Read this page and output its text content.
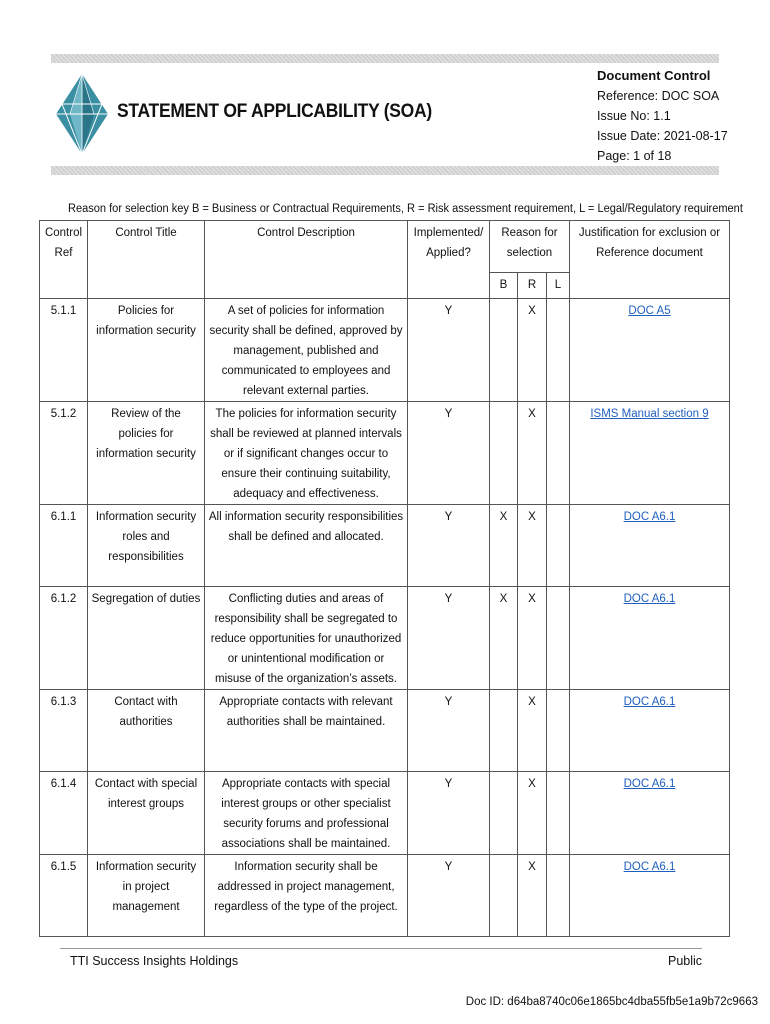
STATEMENT OF APPLICABILITY (SOA)
Document Control
Reference: DOC SOA
Issue No: 1.1
Issue Date: 2021-08-17
Page: 1 of 18
Reason for selection key B = Business or Contractual Requirements, R = Risk assessment requirement, L = Legal/Regulatory requirement
Control Ref	Control Title	Control Description	Implemented/ Applied?	Reason for selection			Justification for exclusion or Reference document
				B	R	L	
5.1.1	Policies for information security	A set of policies for information security shall be defined, approved by management, published and communicated to employees and relevant external parties.	Y		X		DOC A5
5.1.2	Review of the policies for information security	The policies for information security shall be reviewed at planned intervals or if significant changes occur to ensure their continuing suitability, adequacy and effectiveness.	Y		X		ISMS Manual section 9
6.1.1	Information security roles and responsibilities	All information security responsibilities shall be defined and allocated.	Y	X	X		DOC A6.1
6.1.2	Segregation of duties	Conflicting duties and areas of responsibility shall be segregated to reduce opportunities for unauthorized or unintentional modification or misuse of the organization’s assets.	Y	X	X		DOC A6.1
6.1.3	Contact with authorities	Appropriate contacts with relevant authorities shall be maintained.	Y		X		DOC A6.1
6.1.4	Contact with special interest groups	Appropriate contacts with special interest groups or other specialist security forums and professional associations shall be maintained.	Y		X		DOC A6.1
6.1.5	Information security in project management	Information security shall be addressed in project management, regardless of the type of the project.	Y		X		DOC A6.1
TTI Success Insights Holdings	Public
Doc ID: d64ba8740c06e1865bc4dba55fb5e1a9b72c9663
